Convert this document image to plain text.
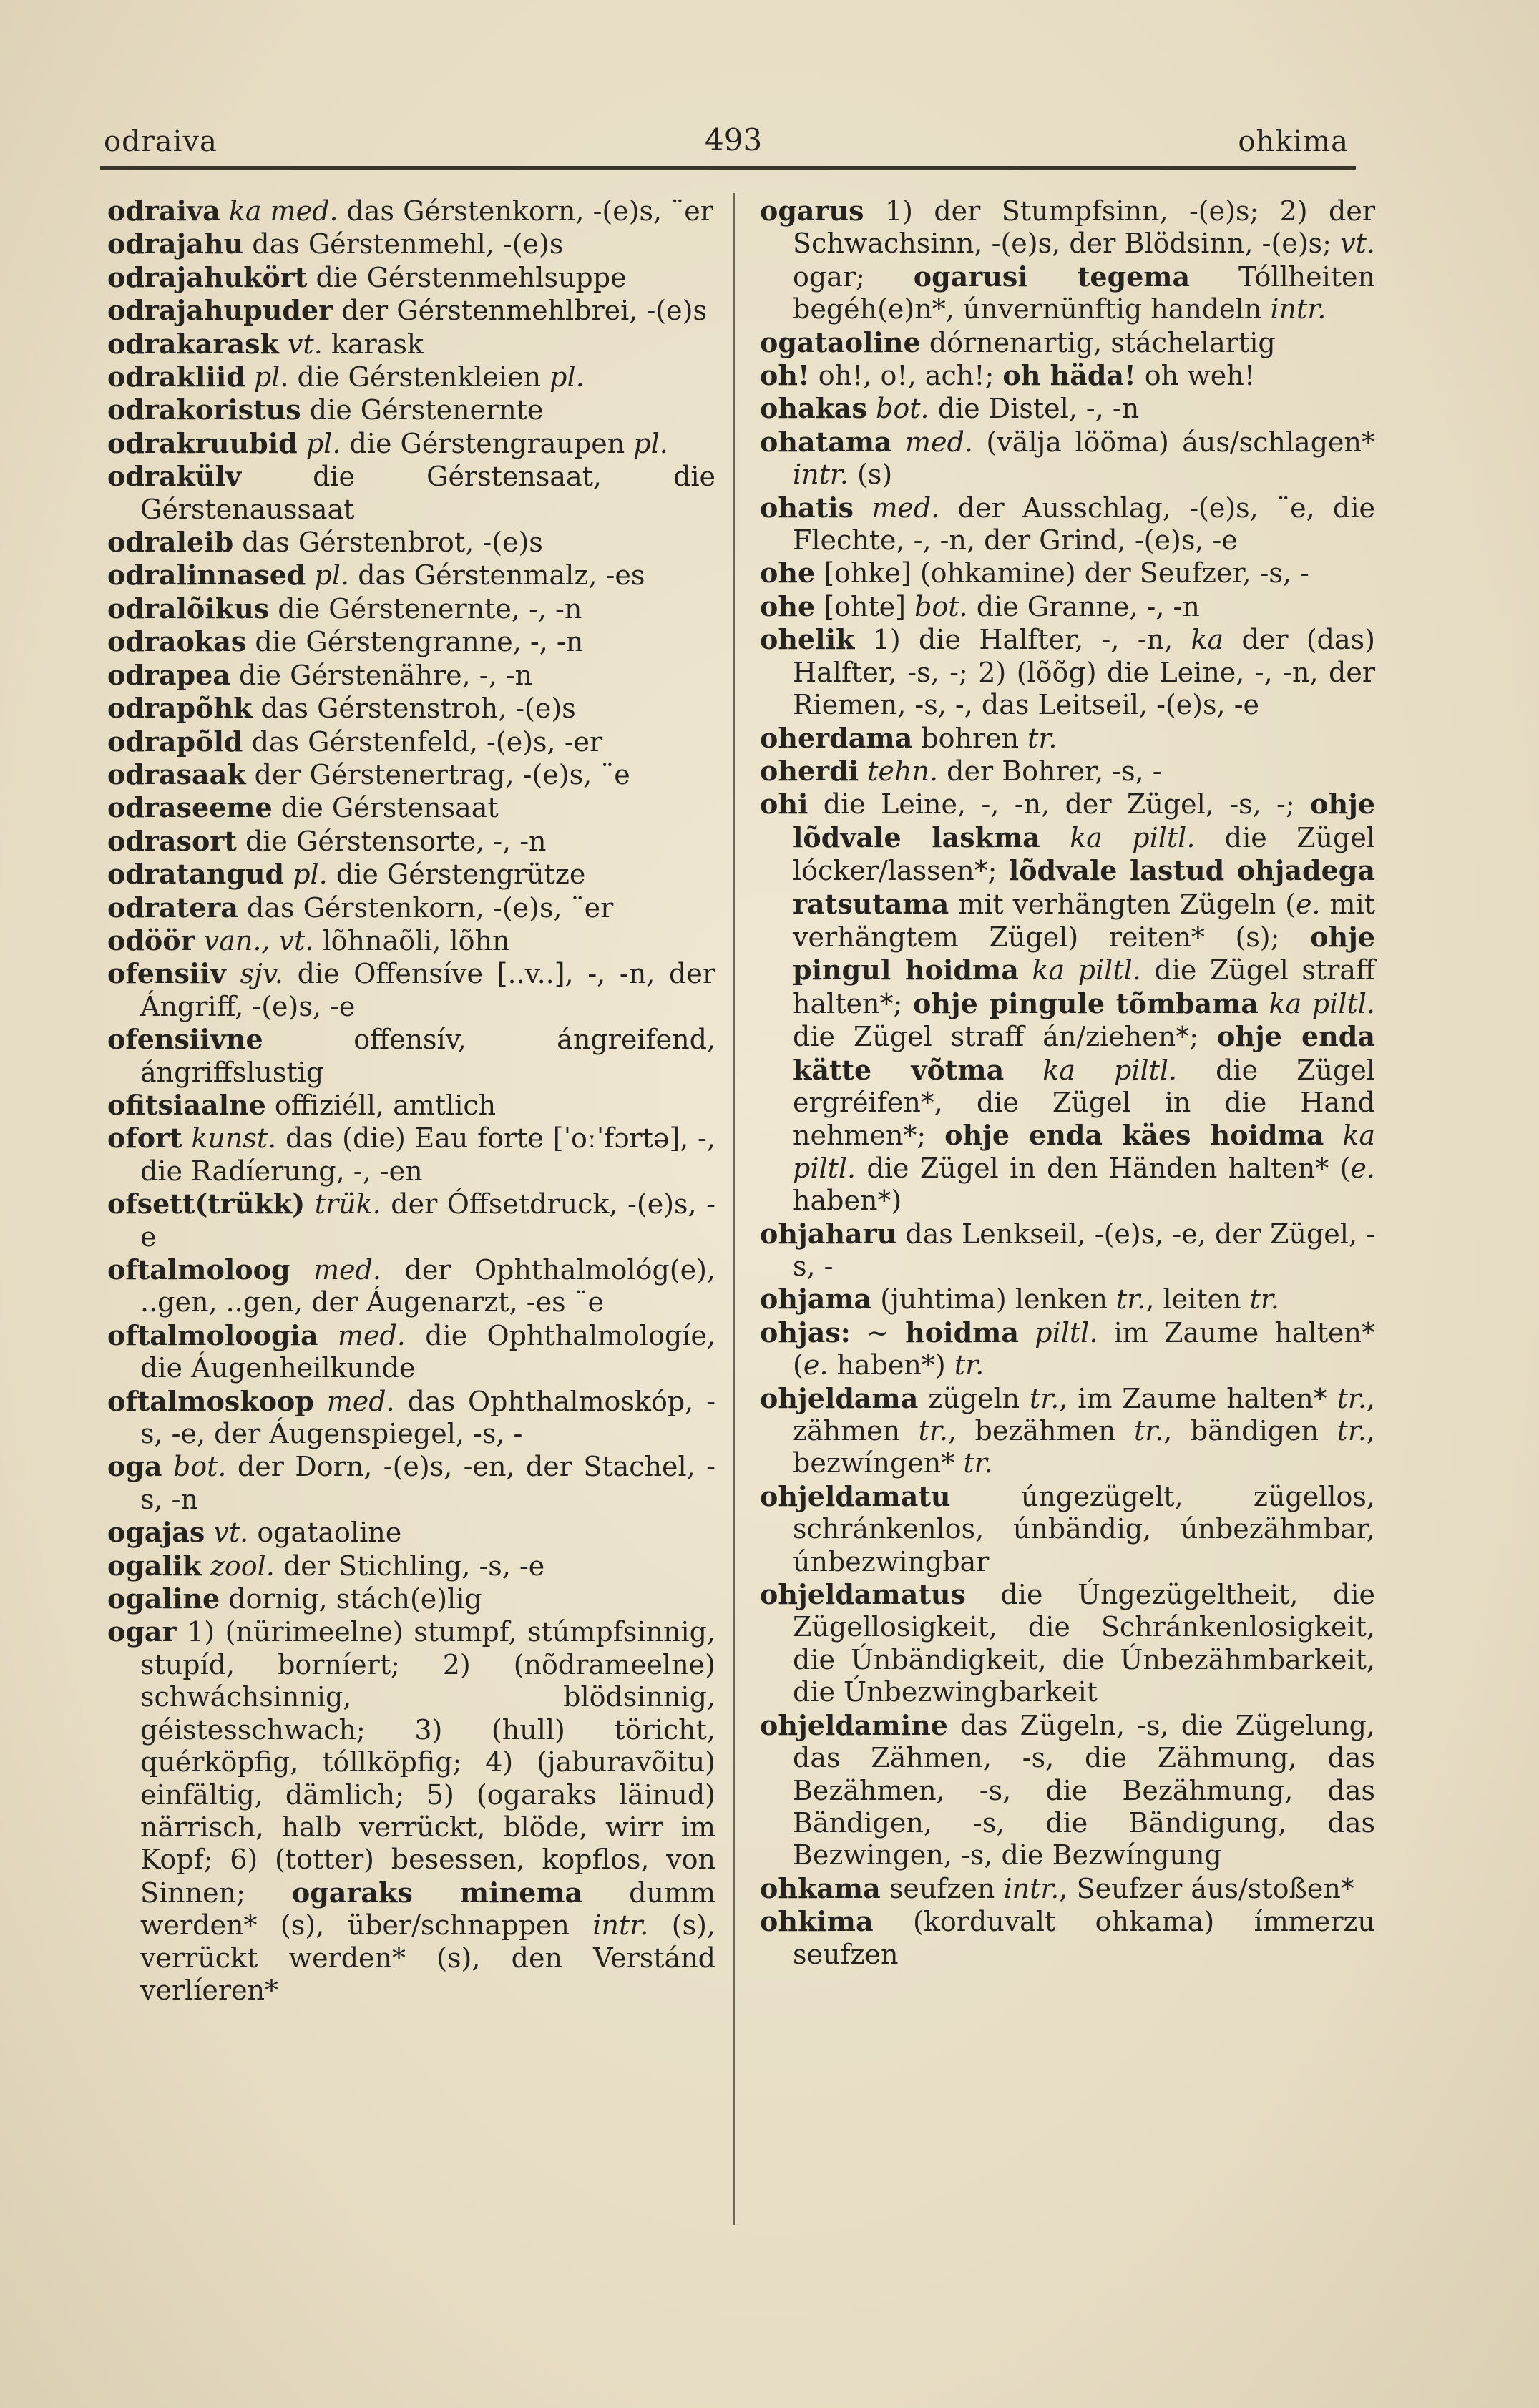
odraiva	493	ohkima

odraiva ka med. das Gérstenkorn, -(e)s, ¨er

odrajahu das Gérstenmehl, -(e)s

odrajahukört die Gérstenmehlsuppe

odrajahupuder der Gérstenmehlbrei, -(e)s

odrakarask vt. karask

odrakliid pl. die Gérstenkleien pl.

odrakoristus die Gérstenernte

odrakruubid pl. die Gérstengraupen pl.

odrakülv die Gérstensaat, die Gérstenaussaat

odraleib das Gérstenbrot, -(e)s

odralinnased pl. das Gérstenmalz, -es

odralõikus die Gérstenernte, -, -n

odraokas die Gérstengranne, -, -n

odrapea die Gérstenähre, -, -n

odrapõhk das Gérstenstroh, -(e)s

odrapõld das Gérstenfeld, -(e)s, -er

odrasaak der Gérstenertrag, -(e)s, ¨e

odraseeme die Gérstensaat

odrasort die Gérstensorte, -, -n

odratangud pl. die Gérstengrütze

odratera das Gérstenkorn, -(e)s, ¨er

odöör van., vt. lõhnaõli, lõhn

ofensiiv sjv. die Offensíve [..v..], -, -n, der Ángriff, -(e)s, -e

ofensiivne offensív, ángreifend, ángriffslustig

ofitsiaalne offiziéll, amtlich

ofort kunst. das (die) Eau forte [ˈoːˈfɔrtə], -, die Radíerung, -, -en

ofsett(trükk) trük. der Óffsetdruck, -(e)s, -e

oftalmoloog med. der Ophthalmológ(e), ..gen, ..gen, der Áugenarzt, -es ¨e

oftalmoloogia med. die Ophthalmologíe, die Áugenheilkunde

oftalmoskoop med. das Ophthalmoskóp, -s, -e, der Áugenspiegel, -s, -

oga bot. der Dorn, -(e)s, -en, der Stachel, -s, -n

ogajas vt. ogataoline

ogalik zool. der Stichling, -s, -e

ogaline dornig, stách(e)lig

ogar 1) (nürimeelne) stumpf, stúmpfsinnig, stupíd, borníert; 2) (nõdrameelne) schwáchsinnig, blödsinnig, géistesschwach; 3) (hull) töricht, quérköpfig, tóllköpfig; 4) (jaburavõitu) einfältig, dämlich; 5) (ogaraks läinud) närrisch, halb verrückt, blöde, wirr im Kopf; 6) (totter) besessen, kopflos, von Sinnen; ogaraks minema dumm werden* (s), über/schnappen intr. (s), verrückt werden* (s), den Verstánd verlíeren*

ogarus 1) der Stumpfsinn, -(e)s; 2) der Schwachsinn, -(e)s, der Blödsinn, -(e)s; vt. ogar; ogarusi tegema Tóllheiten begéh(e)n*, únvernünftig handeln intr.

ogataoline dórnenartig, stáchelartig

oh! oh!, o!, ach!; oh häda! oh weh!

ohakas bot. die Distel, -, -n

ohatama med. (välja lööma) áus/schlagen* intr. (s)

ohatis med. der Ausschlag, -(e)s, ¨e, die Flechte, -, -n, der Grind, -(e)s, -e

ohe [ohke] (ohkamine) der Seufzer, -s, -

ohe [ohte] bot. die Granne, -, -n

ohelik 1) die Halfter, -, -n, ka der (das) Halfter, -s, -; 2) (lõõg) die Leine, -, -n, der Riemen, -s, -, das Leitseil, -(e)s, -e

oherdama bohren tr.

oherdi tehn. der Bohrer, -s, -

ohi die Leine, -, -n, der Zügel, -s, -; ohje lõdvale laskma ka piltl. die Zügel lócker/lassen*; lõdvale lastud ohjadega ratsutama mit verhängten Zügeln (e. mit verhängtem Zügel) reiten* (s); ohje pingul hoidma ka piltl. die Zügel straff halten*; ohje pingule tõmbama ka piltl. die Zügel straff án/ziehen*; ohje enda kätte võtma ka piltl. die Zügel ergréifen*, die Zügel in die Hand nehmen*; ohje enda käes hoidma ka piltl. die Zügel in den Händen halten* (e. haben*)

ohjaharu das Lenkseil, -(e)s, -e, der Zügel, -s, -

ohjama (juhtima) lenken tr., leiten tr.

ohjas: ~ hoidma piltl. im Zaume halten* (e. haben*) tr.

ohjeldama zügeln tr., im Zaume halten* tr., zähmen tr., bezähmen tr., bändigen tr., bezwíngen* tr.

ohjeldamatu úngezügelt, zügellos, schránkenlos, únbändig, únbezähmbar, únbezwingbar

ohjeldamatus die Úngezügeltheit, die Zügellosigkeit, die Schránkenlosigkeit, die Únbändigkeit, die Únbezähmbarkeit, die Únbezwingbarkeit

ohjeldamine das Zügeln, -s, die Zügelung, das Zähmen, -s, die Zähmung, das Bezähmen, -s, die Bezähmung, das Bändigen, -s, die Bändigung, das Bezwingen, -s, die Bezwíngung

ohkama seufzen intr., Seufzer áus/stoßen*

ohkima (korduvalt ohkama) ímmerzu seufzen
